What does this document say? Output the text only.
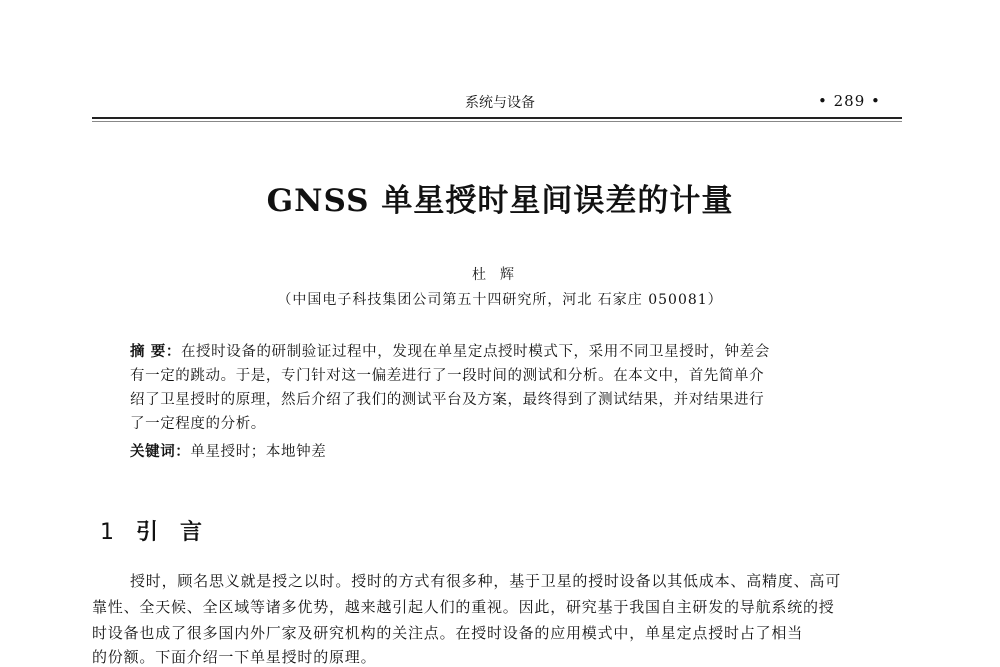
系统与设备	• 289 •
GNSS 单星授时星间误差的计量
杜辉
（中国电子科技集团公司第五十四研究所，河北 石家庄 050081）
摘 要：在授时设备的研制验证过程中，发现在单星定点授时模式下，采用不同卫星授时，钟差会
有一定的跳动。于是，专门针对这一偏差进行了一段时间的测试和分析。在本文中，首先简单介
绍了卫星授时的原理，然后介绍了我们的测试平台及方案，最终得到了测试结果，并对结果进行
了一定程度的分析。
关键词：单星授时；本地钟差
1 引言
授时，顾名思义就是授之以时。授时的方式有很多种，基于卫星的授时设备以其低成本、高精度、高可
靠性、全天候、全区域等诸多优势，越来越引起人们的重视。因此，研究基于我国自主研发的导航系统的授
时设备也成了很多国内外厂家及研究机构的关注点。在授时设备的应用模式中，单星定点授时占了相当
的份额。下面介绍一下单星授时的原理。
